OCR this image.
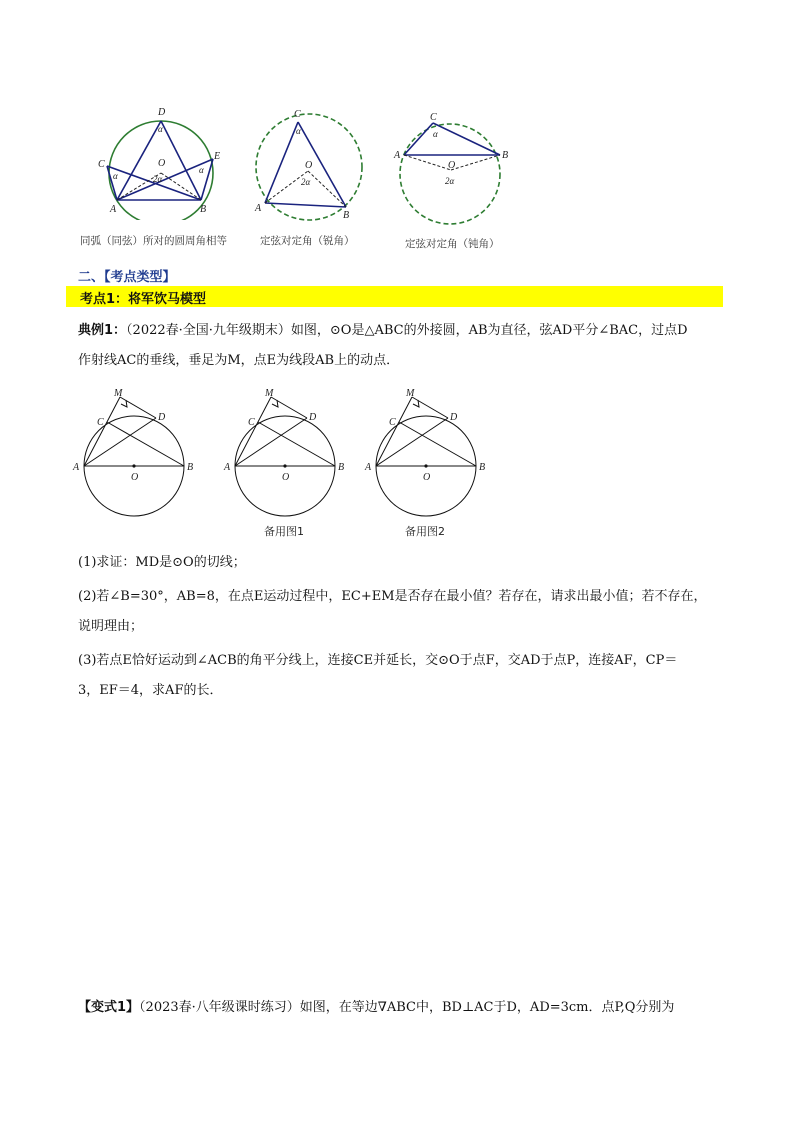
D
C
E
A	B
O
α
α
α
2α
同弧（同弦）所对的圆周角相等
C
A
B
O
α
2α
定弦对定角（锐角）
C
A	B
O
α
2α
定弦对定角（钝角）
二、【考点类型】
考点1：将军饮马模型
典例1：（2022春·全国·九年级期末）如图，⊙O是△ABC的外接圆，AB为直径，弦AD平分∠BAC，过点D
作射线AC的垂线，垂足为M，点E为线段AB上的动点．
M
C	D
A
O
B
M
C	D
A
O
B
M
C	D
A
O
B
备用图1	备用图2
(1)求证：MD是⊙O的切线；
(2)若∠B=30°，AB=8，在点E运动过程中，EC+EM是否存在最小值？若存在，请求出最小值；若不存在，
说明理由；
(3)若点E恰好运动到∠ACB的角平分线上，连接CE并延长，交⊙O于点F，交AD于点P，连接AF，CP＝
3，EF＝4，求AF的长．
【变式1】（2023春·八年级课时练习）如图，在等边∇ABC中，BD⊥AC于D，AD=3cm．点P,Q分别为
